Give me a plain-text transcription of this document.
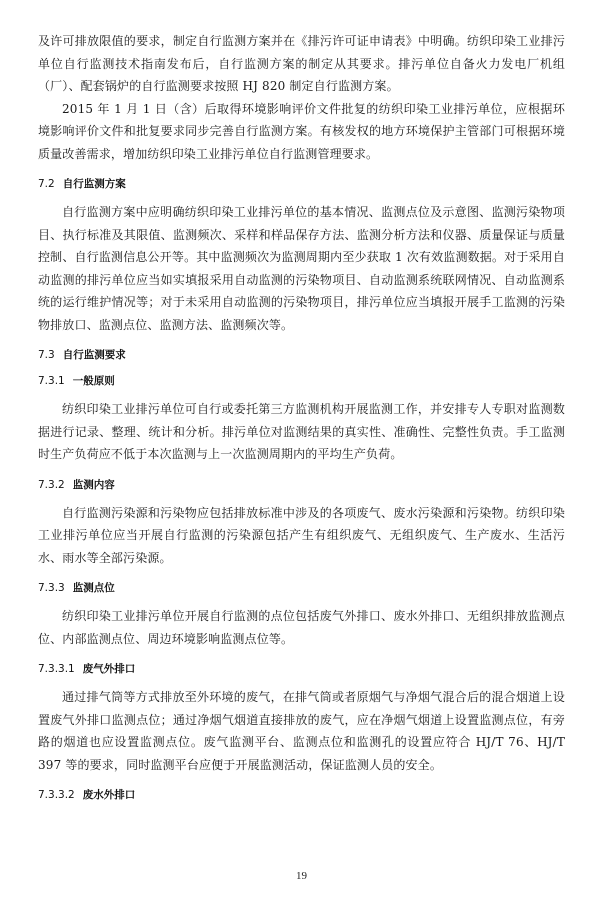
及许可排放限值的要求，制定自行监测方案并在《排污许可证申请表》中明确。纺织印染工业排污单位自行监测技术指南发布后，自行监测方案的制定从其要求。排污单位自备火力发电厂机组（厂）、配套锅炉的自行监测要求按照 HJ 820 制定自行监测方案。

2015 年 1 月 1 日（含）后取得环境影响评价文件批复的纺织印染工业排污单位，应根据环境影响评价文件和批复要求同步完善自行监测方案。有核发权的地方环境保护主管部门可根据环境质量改善需求，增加纺织印染工业排污单位自行监测管理要求。

7.2 自行监测方案

自行监测方案中应明确纺织印染工业排污单位的基本情况、监测点位及示意图、监测污染物项目、执行标准及其限值、监测频次、采样和样品保存方法、监测分析方法和仪器、质量保证与质量控制、自行监测信息公开等。其中监测频次为监测周期内至少获取 1 次有效监测数据。对于采用自动监测的排污单位应当如实填报采用自动监测的污染物项目、自动监测系统联网情况、自动监测系统的运行维护情况等；对于未采用自动监测的污染物项目，排污单位应当填报开展手工监测的污染物排放口、监测点位、监测方法、监测频次等。

7.3 自行监测要求
7.3.1 一般原则

纺织印染工业排污单位可自行或委托第三方监测机构开展监测工作，并安排专人专职对监测数据进行记录、整理、统计和分析。排污单位对监测结果的真实性、准确性、完整性负责。手工监测时生产负荷应不低于本次监测与上一次监测周期内的平均生产负荷。

7.3.2 监测内容

自行监测污染源和污染物应包括排放标准中涉及的各项废气、废水污染源和污染物。纺织印染工业排污单位应当开展自行监测的污染源包括产生有组织废气、无组织废气、生产废水、生活污水、雨水等全部污染源。

7.3.3 监测点位

纺织印染工业排污单位开展自行监测的点位包括废气外排口、废水外排口、无组织排放监测点位、内部监测点位、周边环境影响监测点位等。

7.3.3.1 废气外排口

通过排气筒等方式排放至外环境的废气，在排气筒或者原烟气与净烟气混合后的混合烟道上设置废气外排口监测点位；通过净烟气烟道直接排放的废气，应在净烟气烟道上设置监测点位，有旁路的烟道也应设置监测点位。废气监测平台、监测点位和监测孔的设置应符合 HJ/T 76、HJ/T 397 等的要求，同时监测平台应便于开展监测活动，保证监测人员的安全。

7.3.3.2 废水外排口
19
